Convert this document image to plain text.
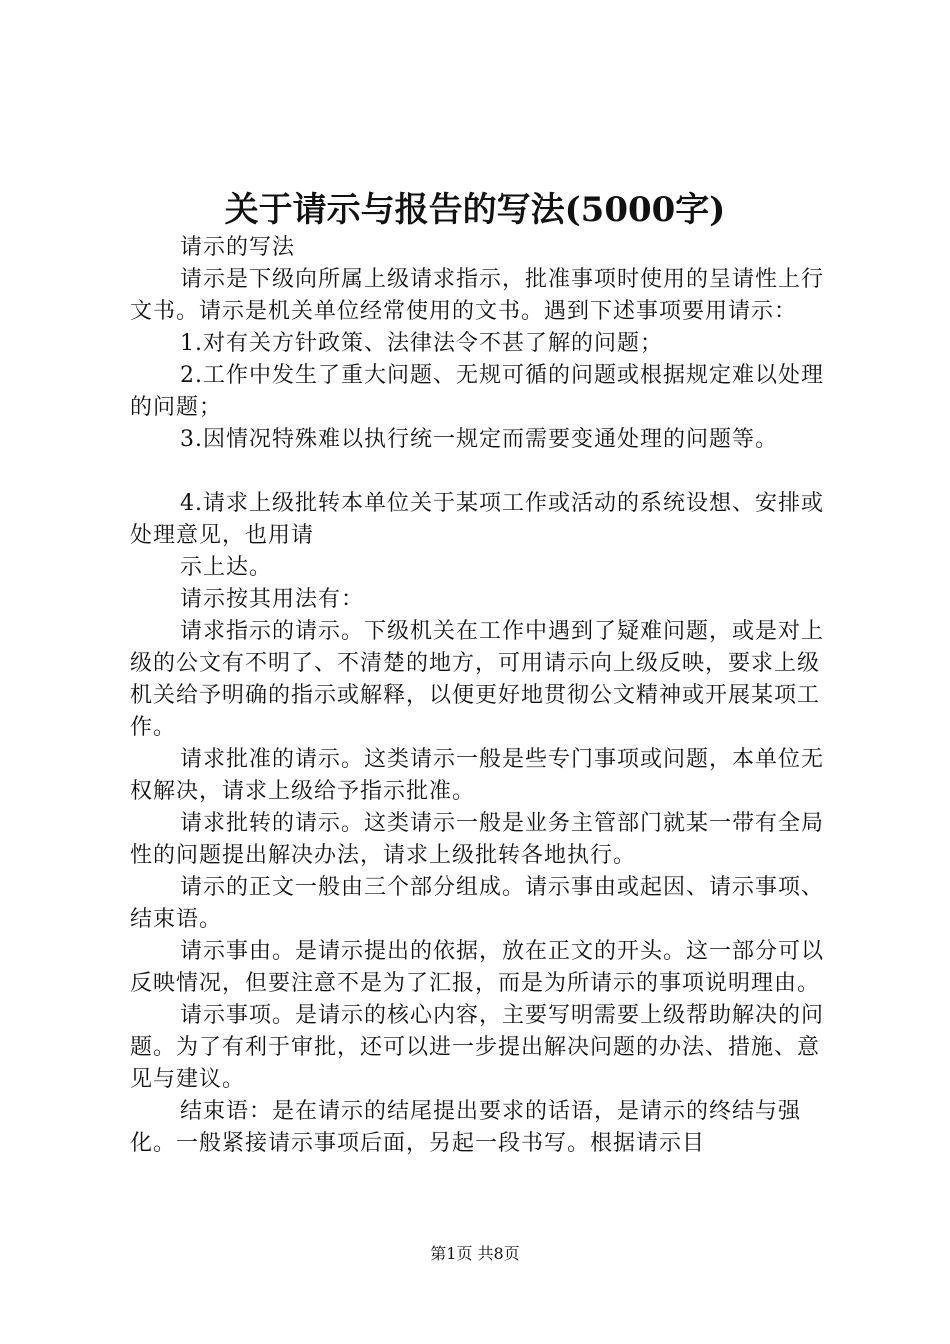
关于请示与报告的写法(5000字)

请示的写法

请示是下级向所属上级请求指示，批准事项时使用的呈请性上行文书。请示是机关单位经常使用的文书。遇到下述事项要用请示：

1.对有关方针政策、法律法令不甚了解的问题；

2.工作中发生了重大问题、无规可循的问题或根据规定难以处理的问题；

3.因情况特殊难以执行统一规定而需要变通处理的问题等。

4.请求上级批转本单位关于某项工作或活动的系统设想、安排或处理意见，也用请

示上达。

请示按其用法有：

请求指示的请示。下级机关在工作中遇到了疑难问题，或是对上级的公文有不明了、不清楚的地方，可用请示向上级反映，要求上级机关给予明确的指示或解释，以便更好地贯彻公文精神或开展某项工作。

请求批准的请示。这类请示一般是些专门事项或问题，本单位无权解决，请求上级给予指示批准。

请求批转的请示。这类请示一般是业务主管部门就某一带有全局性的问题提出解决办法，请求上级批转各地执行。

请示的正文一般由三个部分组成。请示事由或起因、请示事项、结束语。

请示事由。是请示提出的依据，放在正文的开头。这一部分可以反映情况，但要注意不是为了汇报，而是为所请示的事项说明理由。

请示事项。是请示的核心内容，主要写明需要上级帮助解决的问题。为了有利于审批，还可以进一步提出解决问题的办法、措施、意见与建议。

结束语：是在请示的结尾提出要求的话语，是请示的终结与强化。一般紧接请示事项后面，另起一段书写。根据请示目

第1页 共8页
